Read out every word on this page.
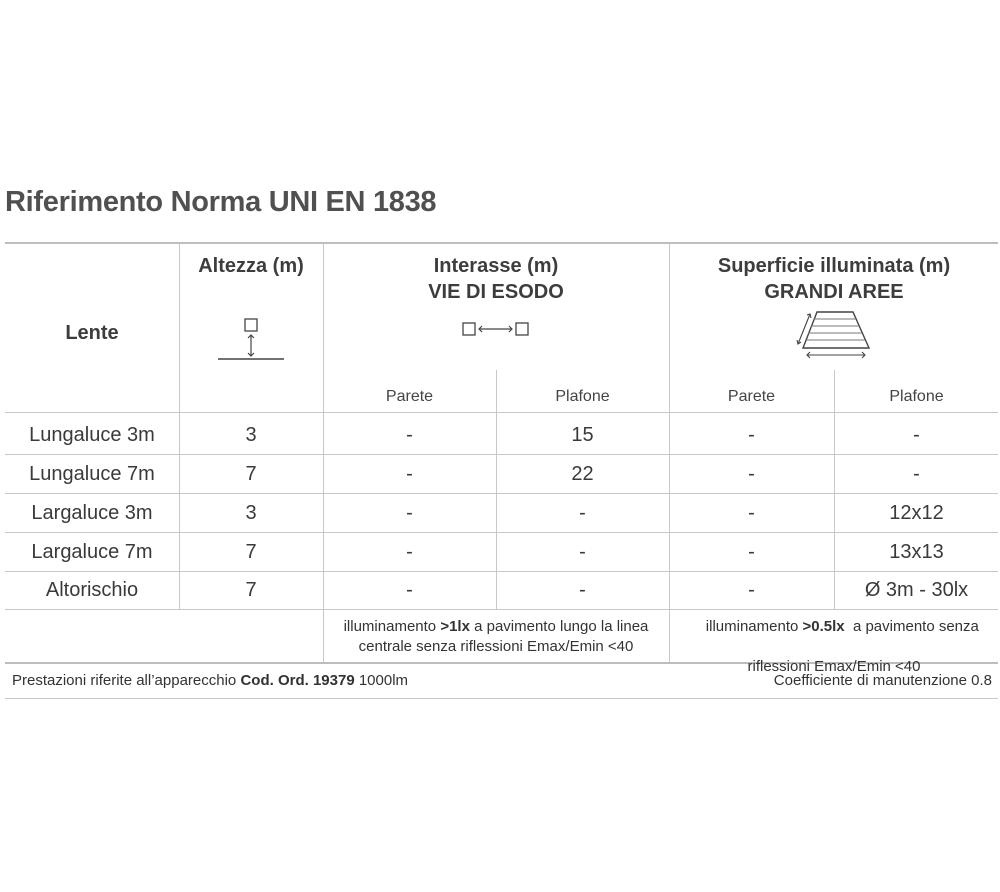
Riferimento Norma UNI EN 1838
Lente
Altezza (m)	Interasse (m)
VIE DI ESODO
Superficie illuminata (m)
GRANDI AREE
Parete	Plafone	Parete	Plafone
Lungaluce 3m	3	-	15	-	-
Lungaluce 7m	7	-	22	-	-
Largaluce 3m	3	-	-	-	12x12
Largaluce 7m	7	-	-	-	13x13
Altorischio	7	-	-	-	Ø 3m - 30lx
illuminamento >1lx a pavimento lungo la linea
centrale senza riflessioni Emax/Emin <40

illuminamento >0.5lx  a pavimento senza

riflessioni Emax/Emin <40
Prestazioni riferite all’apparecchio Cod. Ord. 19379 1000lm	Coefficiente di manutenzione 0.8
